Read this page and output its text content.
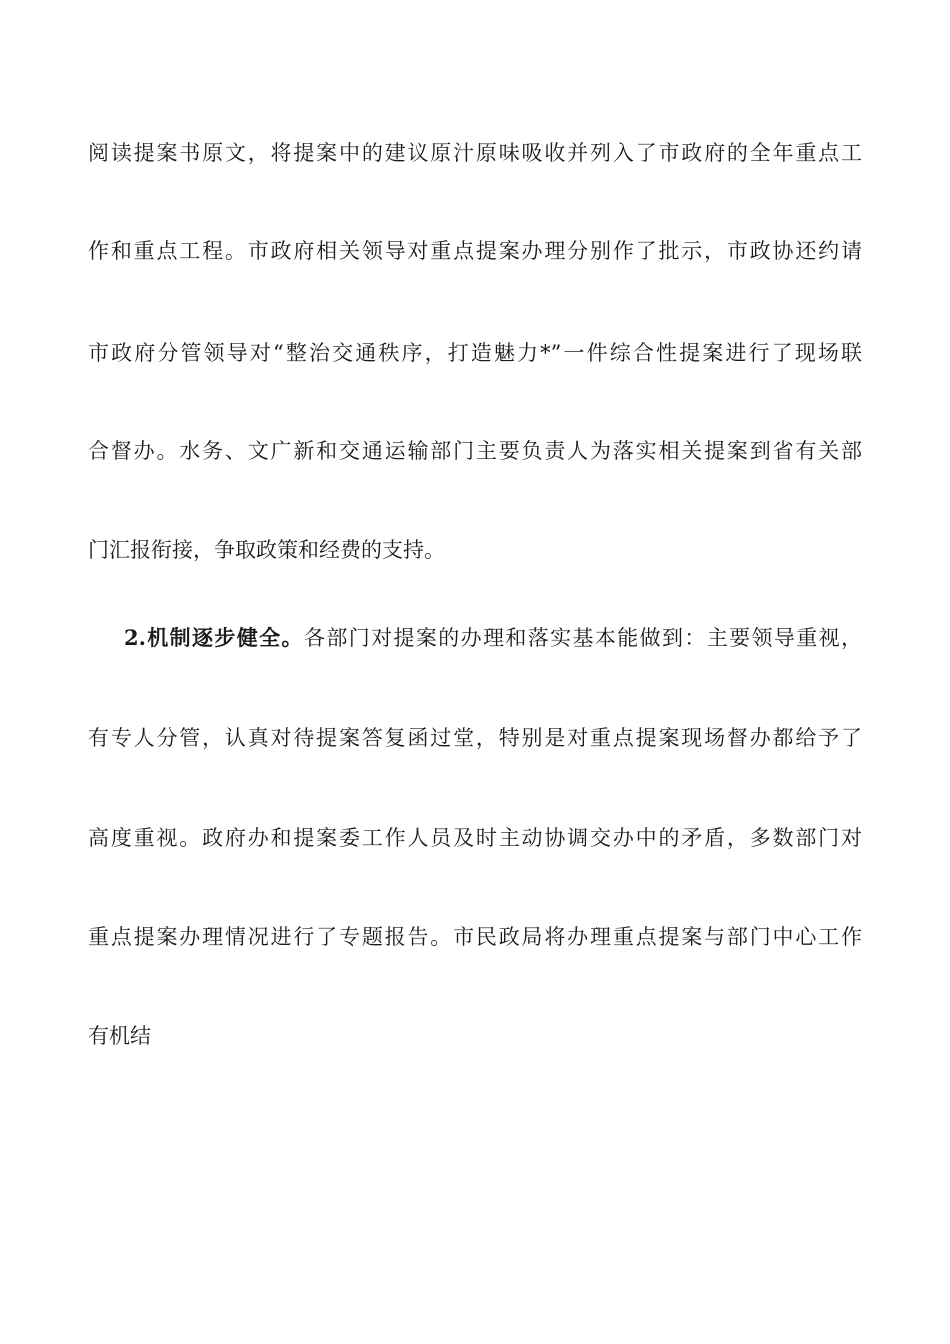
阅读提案书原文，将提案中的建议原汁原味吸收并列入了市政府的全年重点工
作和重点工程。市政府相关领导对重点提案办理分别作了批示，市政协还约请
市政府分管领导对“整治交通秩序，打造魅力*”一件综合性提案进行了现场联
合督办。水务、文广新和交通运输部门主要负责人为落实相关提案到省有关部
门汇报衔接，争取政策和经费的支持。
2.机制逐步健全。各部门对提案的办理和落实基本能做到：主要领导重视，
有专人分管，认真对待提案答复函过堂，特别是对重点提案现场督办都给予了
高度重视。政府办和提案委工作人员及时主动协调交办中的矛盾，多数部门对
重点提案办理情况进行了专题报告。市民政局将办理重点提案与部门中心工作
有机结
